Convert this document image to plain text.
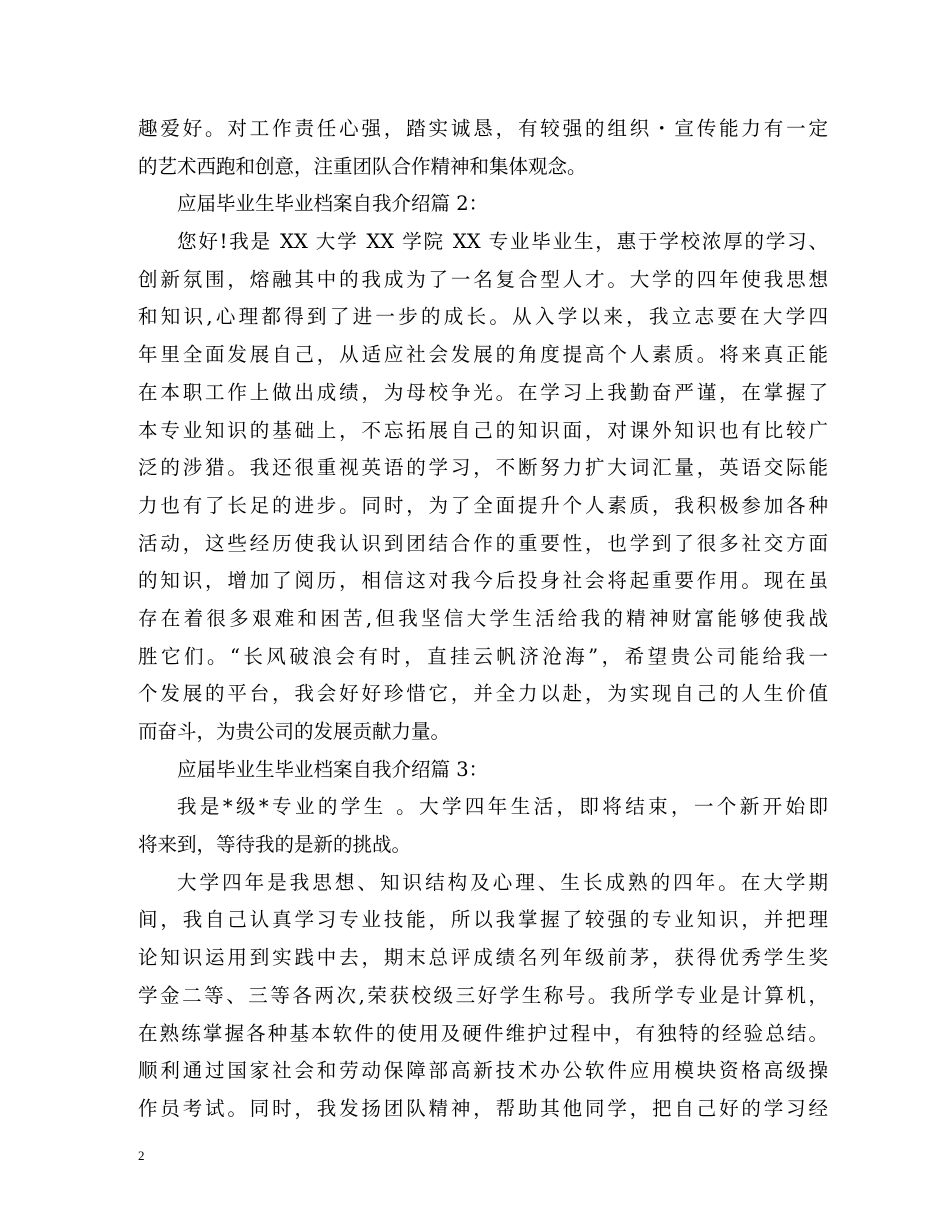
趣爱好。对工作责任心强，踏实诚恳，有较强的组织・宣传能力有一定
的艺术西跑和创意，注重团队合作精神和集体观念。
应届毕业生毕业档案自我介绍篇 2：
您好!我是 XX 大学 XX 学院 XX 专业毕业生，惠于学校浓厚的学习、
创新氛围，熔融其中的我成为了一名复合型人才。大学的四年使我思想
和知识,心理都得到了进一步的成长。从入学以来，我立志要在大学四
年里全面发展自己，从适应社会发展的角度提高个人素质。将来真正能
在本职工作上做出成绩，为母校争光。在学习上我勤奋严谨，在掌握了
本专业知识的基础上，不忘拓展自己的知识面，对课外知识也有比较广
泛的涉猎。我还很重视英语的学习，不断努力扩大词汇量，英语交际能
力也有了长足的进步。同时，为了全面提升个人素质，我积极参加各种
活动，这些经历使我认识到团结合作的重要性，也学到了很多社交方面
的知识，增加了阅历，相信这对我今后投身社会将起重要作用。现在虽
存在着很多艰难和困苦,但我坚信大学生活给我的精神财富能够使我战
胜它们。“长风破浪会有时，直挂云帆济沧海”，希望贵公司能给我一
个发展的平台，我会好好珍惜它，并全力以赴，为实现自己的人生价值
而奋斗，为贵公司的发展贡献力量。
应届毕业生毕业档案自我介绍篇 3：
我是*级*专业的学生 。大学四年生活，即将结束，一个新开始即
将来到，等待我的是新的挑战。
大学四年是我思想、知识结构及心理、生长成熟的四年。在大学期
间，我自己认真学习专业技能，所以我掌握了较强的专业知识，并把理
论知识运用到实践中去，期末总评成绩名列年级前茅，获得优秀学生奖
学金二等、三等各两次,荣获校级三好学生称号。我所学专业是计算机，
在熟练掌握各种基本软件的使用及硬件维护过程中，有独特的经验总结。
顺利通过国家社会和劳动保障部高新技术办公软件应用模块资格高级操
作员考试。同时，我发扬团队精神，帮助其他同学，把自己好的学习经
2
